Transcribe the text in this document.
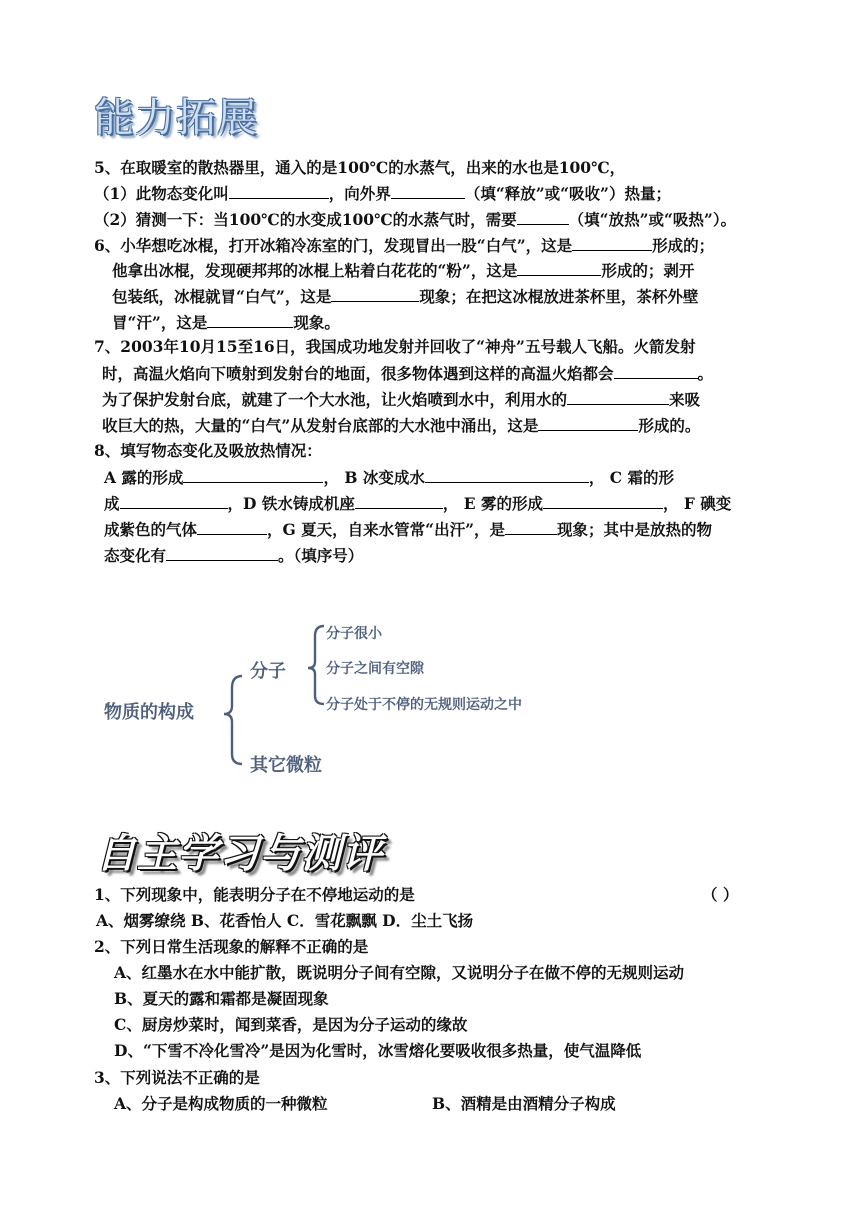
能力拓展
5、在取暖室的散热器里，通入的是100℃的水蒸气，出来的水也是100℃，
（1）此物态变化叫	，向外界	（填“释放”或“吸收”）热量；
（2）猜测一下：当100℃的水变成100℃的水蒸气时，需要	（填“放热”或“吸热”）。
6、小华想吃冰棍，打开冰箱冷冻室的门，发现冒出一股“白气”，这是	形成的；
他拿出冰棍，发现硬邦邦的冰棍上粘着白花花的“粉”，这是	形成的；剥开
包装纸，冰棍就冒“白气”，这是	现象；在把这冰棍放进茶杯里，茶杯外壁
冒“汗”，这是	现象。
7、2003年10月15至16日，我国成功地发射并回收了“神舟”五号载人飞船。火箭发射
时，高温火焰向下喷射到发射台的地面，很多物体遇到这样的高温火焰都会	。
为了保护发射台底，就建了一个大水池，让火焰喷到水中，利用水的	来吸
收巨大的热，大量的“白气”从发射台底部的大水池中涌出，这是	形成的。
8、填写物态变化及吸放热情况：
A 露的形成	， B 冰变成水	， C 霜的形
成	，D 铁水铸成机座	， E 雾的形成	， F 碘变
成紫色的气体	，G 夏天，自来水管常“出汗”，是	现象；其中是放热的物
态变化有	。（填序号）
物质的构成
分子
分子很小
分子之间有空隙
分子处于不停的无规则运动之中
其它微粒
自主学习与测评
1、下列现象中，能表明分子在不停地运动的是	（ ）
A、烟雾缭绕 B、花香怡人 C．雪花飘飘 D．尘土飞扬
2、下列日常生活现象的解释不正确的是
A、红墨水在水中能扩散，既说明分子间有空隙，又说明分子在做不停的无规则运动
B、夏天的露和霜都是凝固现象
C、厨房炒菜时，闻到菜香，是因为分子运动的缘故
D、“下雪不冷化雪冷”是因为化雪时，冰雪熔化要吸收很多热量，使气温降低
3、下列说法不正确的是
A、分子是构成物质的一种微粒	B、酒精是由酒精分子构成
